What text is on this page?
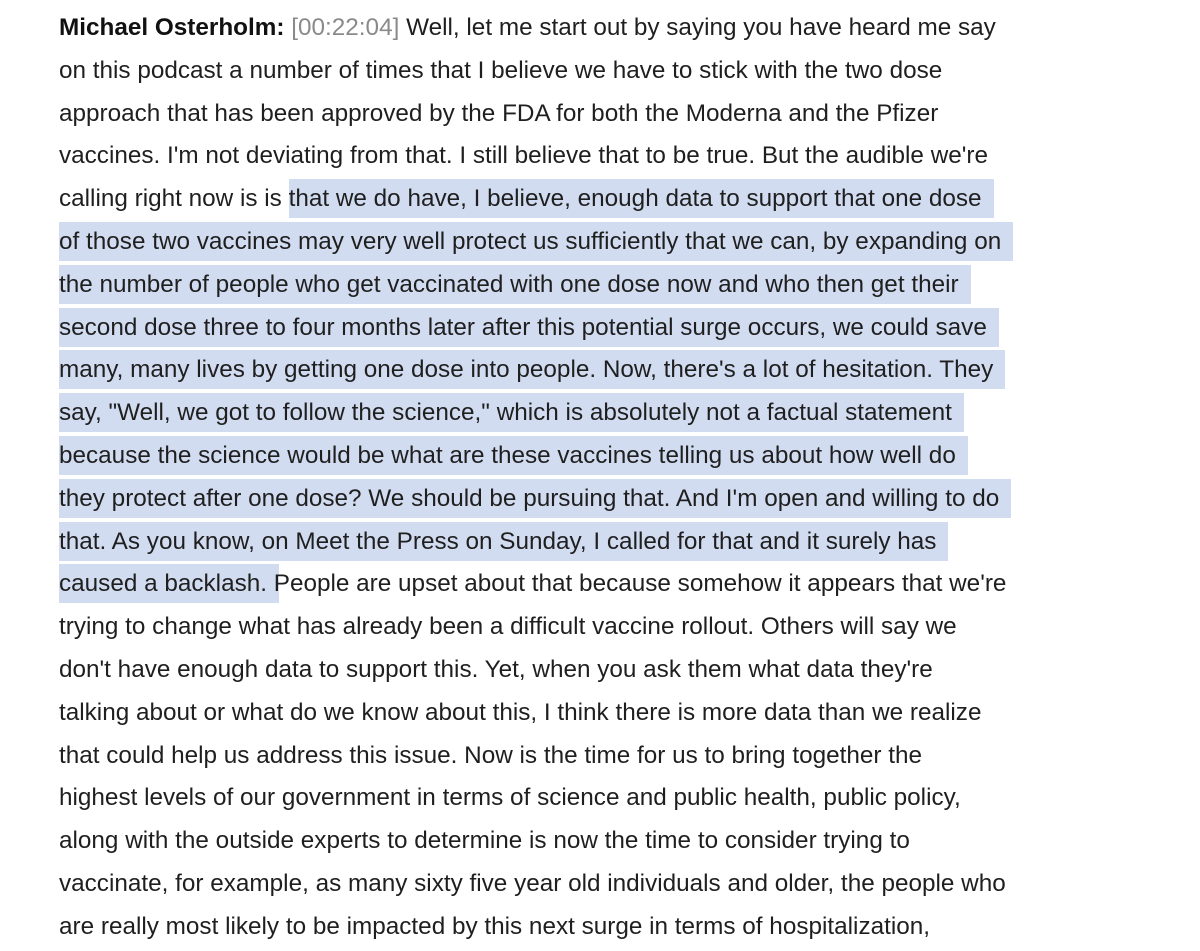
Michael Osterholm: [00:22:04] Well, let me start out by saying you have heard me say
on this podcast a number of times that I believe we have to stick with the two dose
approach that has been approved by the FDA for both the Moderna and the Pfizer
vaccines. I'm not deviating from that. I still believe that to be true. But the audible we're
calling right now is is that we do have, I believe, enough data to support that one dose
of those two vaccines may very well protect us sufficiently that we can, by expanding on
the number of people who get vaccinated with one dose now and who then get their
second dose three to four months later after this potential surge occurs, we could save
many, many lives by getting one dose into people. Now, there's a lot of hesitation. They
say, "Well, we got to follow the science," which is absolutely not a factual statement
because the science would be what are these vaccines telling us about how well do
they protect after one dose? We should be pursuing that. And I'm open and willing to do
that. As you know, on Meet the Press on Sunday, I called for that and it surely has
caused a backlash. People are upset about that because somehow it appears that we're
trying to change what has already been a difficult vaccine rollout. Others will say we
don't have enough data to support this. Yet, when you ask them what data they're
talking about or what do we know about this, I think there is more data than we realize
that could help us address this issue. Now is the time for us to bring together the
highest levels of our government in terms of science and public health, public policy,
along with the outside experts to determine is now the time to consider trying to
vaccinate, for example, as many sixty five year old individuals and older, the people who
are really most likely to be impacted by this next surge in terms of hospitalization,
